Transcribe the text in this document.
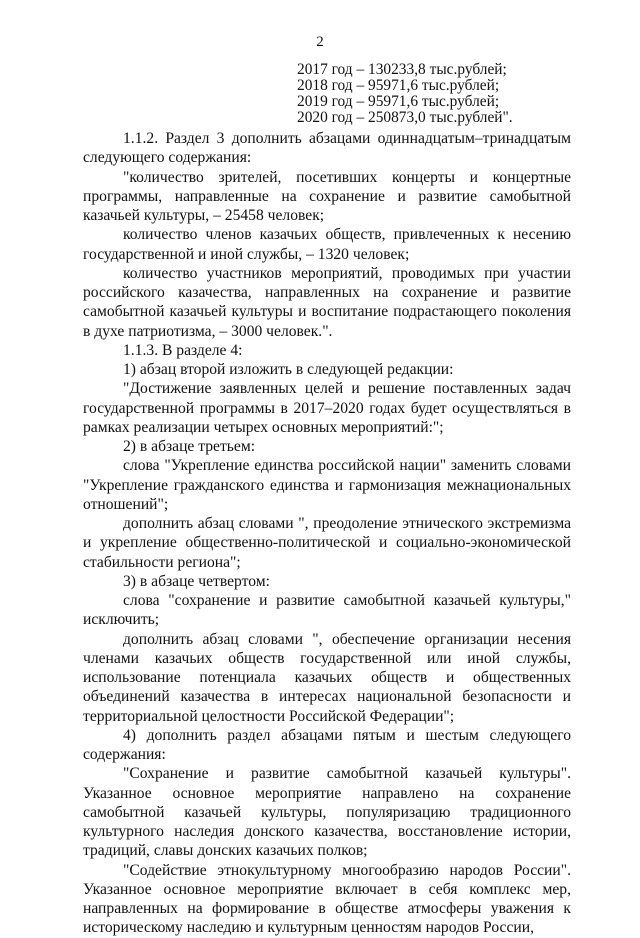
2
2017 год – 130233,8 тыс.рублей;
2018 год – 95971,6 тыс.рублей;
2019 год – 95971,6 тыс.рублей;
2020 год – 250873,0 тыс.рублей".

1.1.2. Раздел 3 дополнить абзацами одиннадцатым–тринадцатым следующего содержания:

"количество зрителей, посетивших концерты и концертные программы, направленные на сохранение и развитие самобытной казачьей культуры, – 25458 человек;

количество членов казачьих обществ, привлеченных к несению государственной и иной службы, – 1320 человек;

количество участников мероприятий, проводимых при участии российского казачества, направленных на сохранение и развитие самобытной казачьей культуры и воспитание подрастающего поколения в духе патриотизма, – 3000 человек.".

1.1.3. В разделе 4:

1) абзац второй изложить в следующей редакции:

"Достижение заявленных целей и решение поставленных задач государственной программы в 2017–2020 годах будет осуществляться в рамках реализации четырех основных мероприятий:";

2) в абзаце третьем:

слова "Укрепление единства российской нации" заменить словами "Укрепление гражданского единства и гармонизация межнациональных отношений";

дополнить абзац словами ", преодоление этнического экстремизма и укрепление общественно-политической и социально-экономической стабильности региона";

3) в абзаце четвертом:

слова "сохранение и развитие самобытной казачьей культуры," исключить;

дополнить абзац словами ", обеспечение организации несения членами казачьих обществ государственной или иной службы, использование потенциала казачьих обществ и общественных объединений казачества в интересах национальной безопасности и территориальной целостности Российской Федерации";

4) дополнить раздел абзацами пятым и шестым следующего содержания:

"Сохранение и развитие самобытной казачьей культуры". Указанное основное мероприятие направлено на сохранение самобытной казачьей культуры, популяризацию традиционного культурного наследия донского казачества, восстановление истории, традиций, славы донских казачьих полков;

"Содействие этнокультурному многообразию народов России". Указанное основное мероприятие включает в себя комплекс мер, направленных на формирование в обществе атмосферы уважения к историческому наследию и культурным ценностям народов России,
